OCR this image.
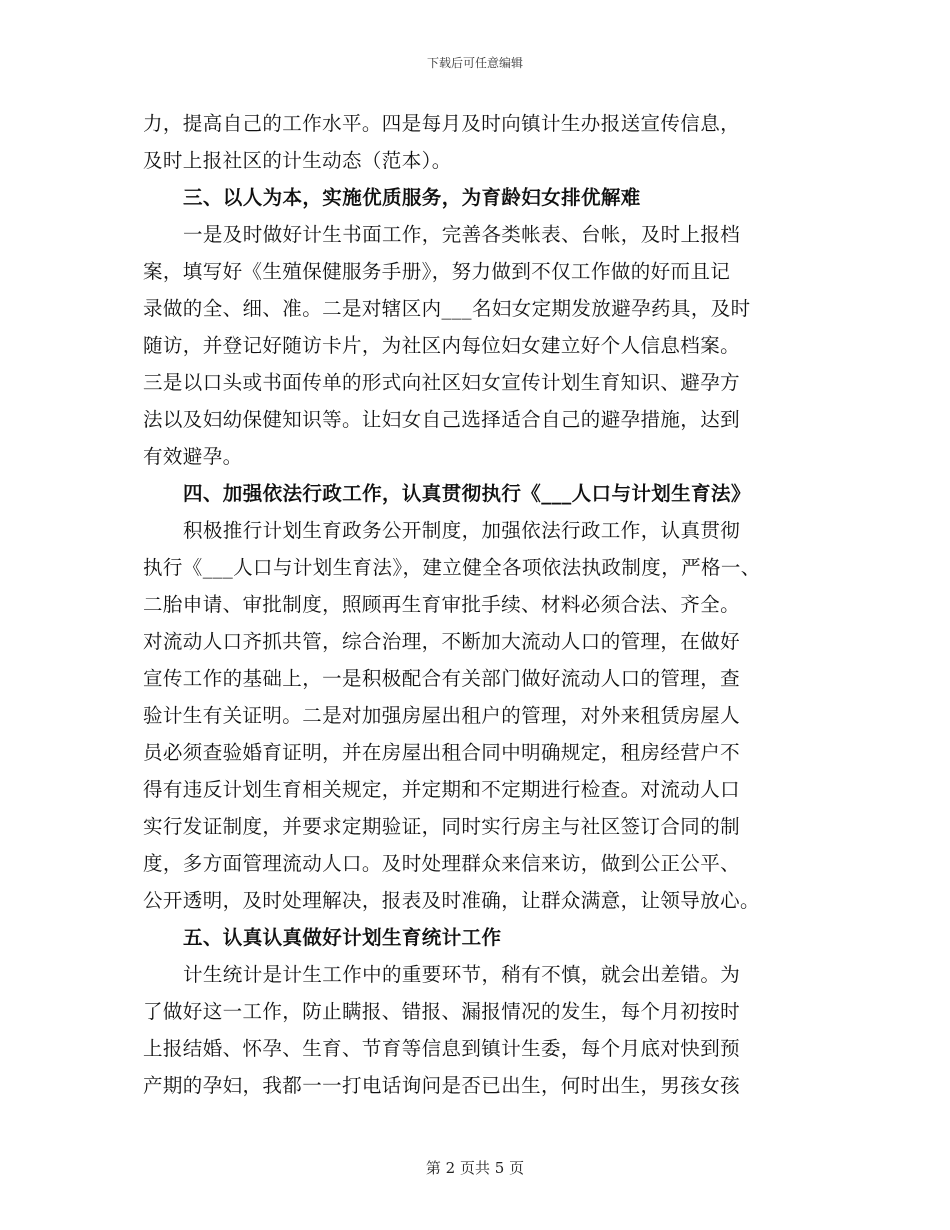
下载后可任意编辑
力，提高自己的工作水平。四是每月及时向镇计生办报送宣传信息，
及时上报社区的计生动态（范本）。
三、以人为本，实施优质服务，为育龄妇女排优解难
一是及时做好计生书面工作，完善各类帐表、台帐，及时上报档
案，填写好《生殖保健服务手册》，努力做到不仅工作做的好而且记
录做的全、细、准。二是对辖区内___名妇女定期发放避孕药具，及时
随访，并登记好随访卡片，为社区内每位妇女建立好个人信息档案。
三是以口头或书面传单的形式向社区妇女宣传计划生育知识、避孕方
法以及妇幼保健知识等。让妇女自己选择适合自己的避孕措施，达到
有效避孕。
四、加强依法行政工作，认真贯彻执行《___人口与计划生育法》
积极推行计划生育政务公开制度，加强依法行政工作，认真贯彻
执行《___人口与计划生育法》，建立健全各项依法执政制度，严格一、
二胎申请、审批制度，照顾再生育审批手续、材料必须合法、齐全。
对流动人口齐抓共管，综合治理，不断加大流动人口的管理，在做好
宣传工作的基础上，一是积极配合有关部门做好流动人口的管理，查
验计生有关证明。二是对加强房屋出租户的管理，对外来租赁房屋人
员必须查验婚育证明，并在房屋出租合同中明确规定，租房经营户不
得有违反计划生育相关规定，并定期和不定期进行检查。对流动人口
实行发证制度，并要求定期验证，同时实行房主与社区签订合同的制
度，多方面管理流动人口。及时处理群众来信来访，做到公正公平、
公开透明，及时处理解决，报表及时准确，让群众满意，让领导放心。
五、认真认真做好计划生育统计工作
计生统计是计生工作中的重要环节，稍有不慎，就会出差错。为
了做好这一工作，防止瞒报、错报、漏报情况的发生，每个月初按时
上报结婚、怀孕、生育、节育等信息到镇计生委，每个月底对快到预
产期的孕妇，我都一一打电话询问是否已出生，何时出生，男孩女孩
第 2 页共 5 页
